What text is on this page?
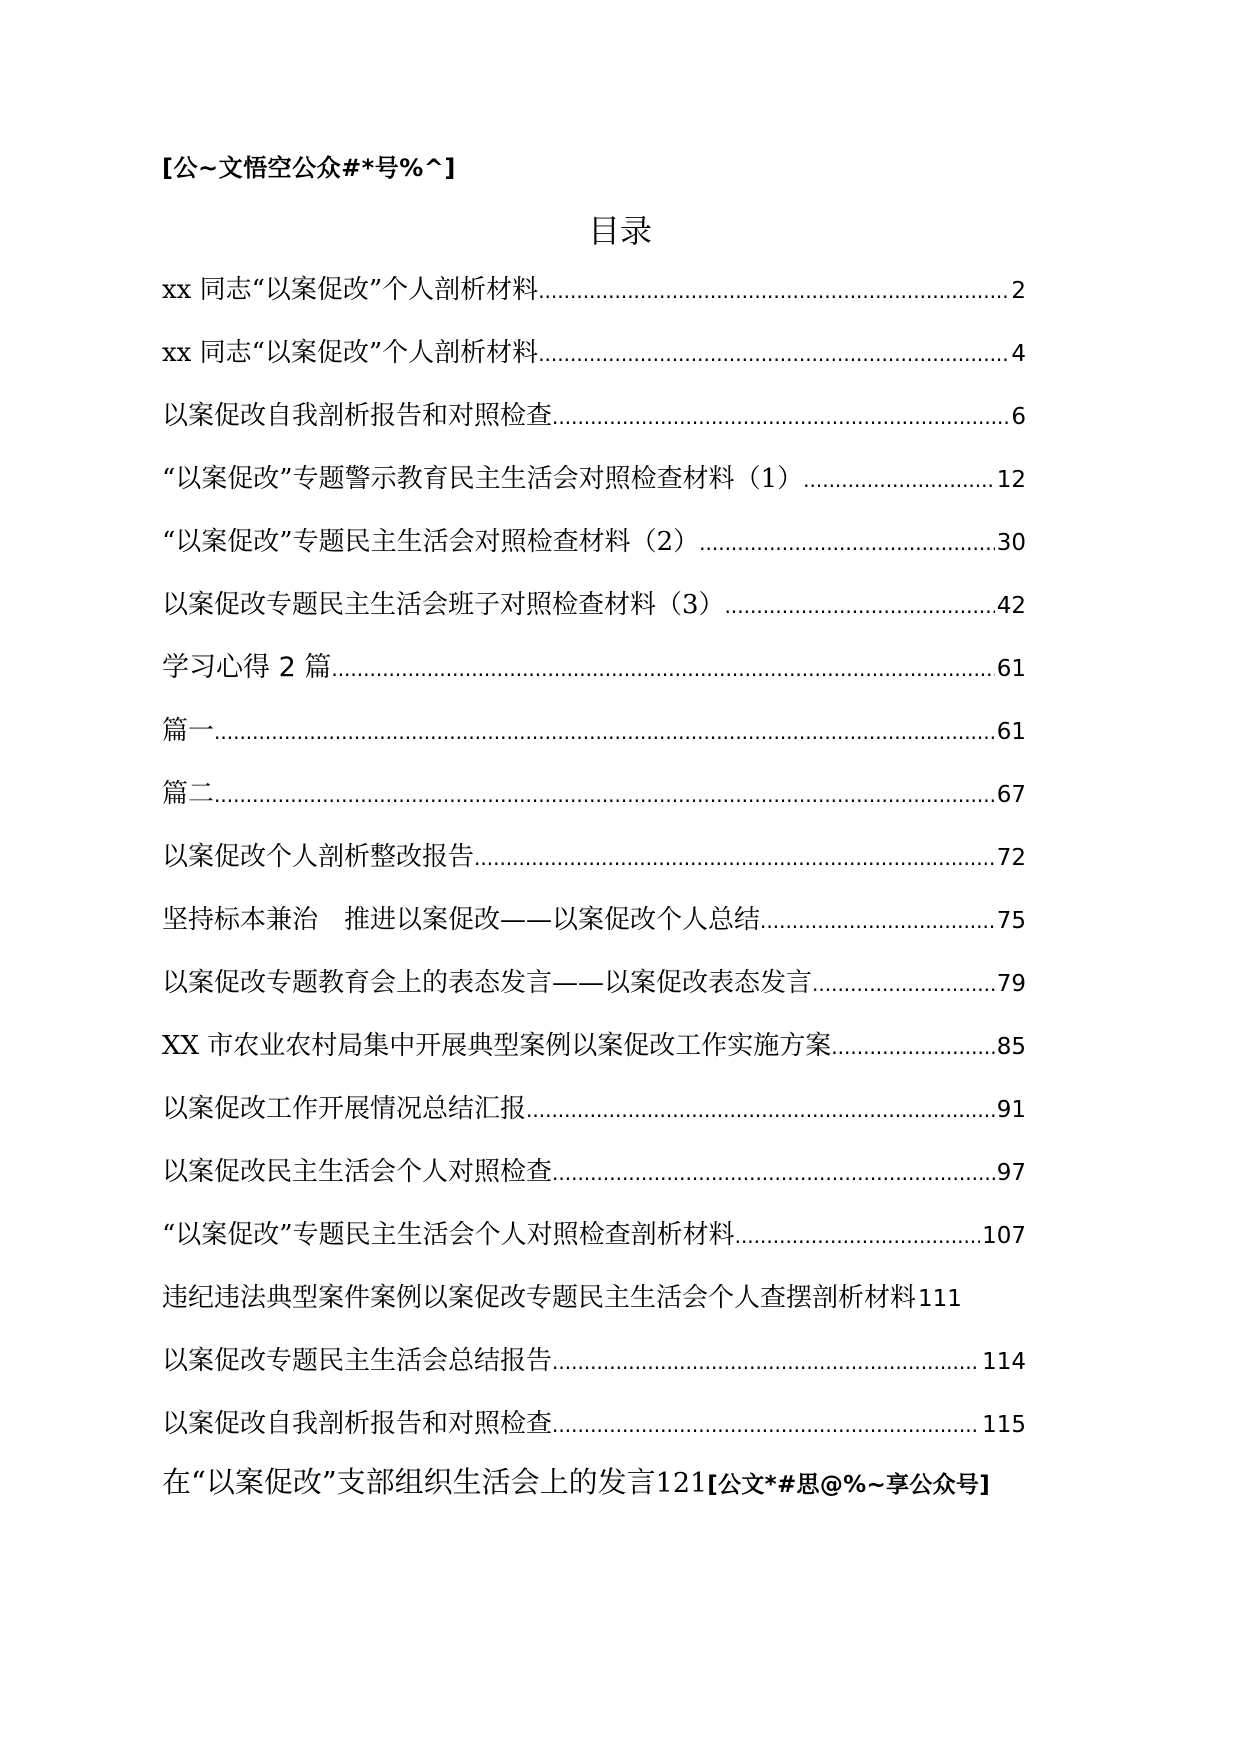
[公~文悟空公众#*号%^]
目录
xx 同志“以案促改”个人剖析材料 .....	2
xx 同志“以案促改”个人剖析材料 .....	4
以案促改自我剖析报告和对照检查 .....	6
“以案促改”专题警示教育民主生活会对照检查材料（1） .....	12
“以案促改”专题民主生活会对照检查材料（2） .....	30
以案促改专题民主生活会班子对照检查材料（3） .....	42
学习心得 2 篇 .....	61
篇一 .....	61
篇二 .....	67
以案促改个人剖析整改报告 .....	72
坚持标本兼治　推进以案促改——以案促改个人总结 .....	75
以案促改专题教育会上的表态发言——以案促改表态发言 .....	79
XX 市农业农村局集中开展典型案例以案促改工作实施方案 .....	85
以案促改工作开展情况总结汇报 .....	91
以案促改民主生活会个人对照检查 .....	97
“以案促改”专题民主生活会个人对照检查剖析材料 .....	107
违纪违法典型案件案例以案促改专题民主生活会个人查摆剖析材料 111
以案促改专题民主生活会总结报告 .....	114
以案促改自我剖析报告和对照检查 .....	115
在“以案促改”支部组织生活会上的发言121[公文*#思@%~享公众号]
